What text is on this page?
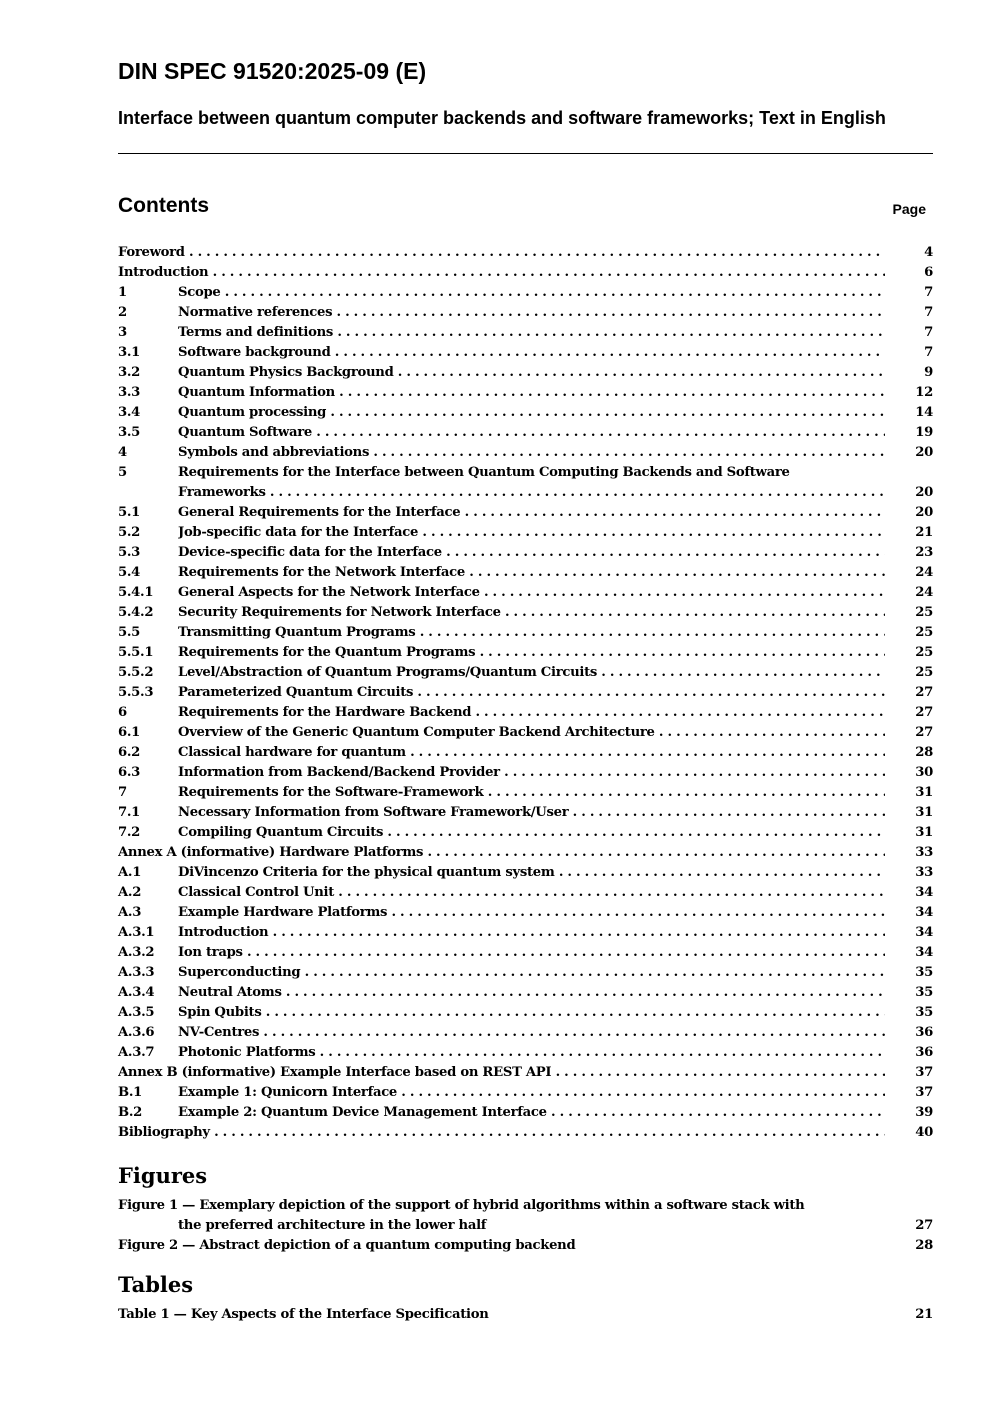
DIN SPEC 91520:2025-09 (E)
Interface between quantum computer backends and software frameworks; Text in English
Contents	Page
Foreword . . .	4
Introduction . . .	6
1	Scope . . .	7
2	Normative references . . .	7
3	Terms and definitions . . .	7
3.1	Software background . . .	7
3.2	Quantum Physics Background . . .	9
3.3	Quantum Information . . .	12
3.4	Quantum processing . . .	14
3.5	Quantum Software . . .	19
4	Symbols and abbreviations . . .	20
5	Requirements for the Interface between Quantum Computing Backends and Software
Frameworks . . .	20
5.1	General Requirements for the Interface . . .	20
5.2	Job-specific data for the Interface . . .	21
5.3	Device-specific data for the Interface . . .	23
5.4	Requirements for the Network Interface . . .	24
5.4.1 General Aspects for the Network Interface . . .	24
5.4.2 Security Requirements for Network Interface . . .	25
5.5	Transmitting Quantum Programs . . .	25
5.5.1 Requirements for the Quantum Programs . . .	25
5.5.2 Level/Abstraction of Quantum Programs/Quantum Circuits . . .	25
5.5.3 Parameterized Quantum Circuits . . .	27
6	Requirements for the Hardware Backend . . .	27
6.1	Overview of the Generic Quantum Computer Backend Architecture . . .	27
6.2	Classical hardware for quantum . . .	28
6.3	Information from Backend/Backend Provider . . .	30
7	Requirements for the Software-Framework . . .	31
7.1	Necessary Information from Software Framework/User . . .	31
7.2	Compiling Quantum Circuits . . .	31
Annex A (informative) Hardware Platforms . . .	33
A.1	DiVincenzo Criteria for the physical quantum system . . .	33
A.2	Classical Control Unit . . .	34
A.3	Example Hardware Platforms . . .	34
A.3.1 Introduction . . .	34
A.3.2 Ion traps . . .	34
A.3.3 Superconducting . . .	35
A.3.4 Neutral Atoms . . .	35
A.3.5 Spin Qubits . . .	35
A.3.6 NV-Centres . . .	36
A.3.7 Photonic Platforms . . .	36
Annex B (informative) Example Interface based on REST API . . .	37
B.1	Example 1: Qunicorn Interface . . .	37
B.2	Example 2: Quantum Device Management Interface . . .	39
Bibliography . . .	40
Figures
Figure 1 — Exemplary depiction of the support of hybrid algorithms within a software stack with
the preferred architecture in the lower half	27
Figure 2 — Abstract depiction of a quantum computing backend	28
Tables
Table 1 — Key Aspects of the Interface Specification	21
